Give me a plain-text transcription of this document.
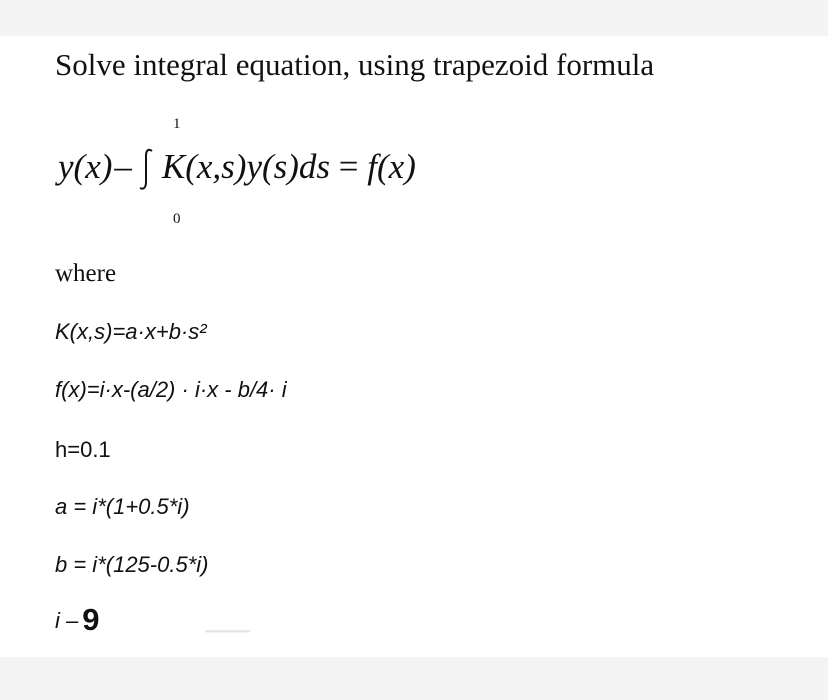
Solve integral equation, using trapezoid formula
1
y(x)– K(x,s)y(s)ds = f(x)
0
where
K(x,s)=a·x+b·s²
f(x)=i·x-(a/2) · i·x - b/4· i
h=0.1
a = i*(1+0.5*i)
b = i*(125-0.5*i)
i – 9
